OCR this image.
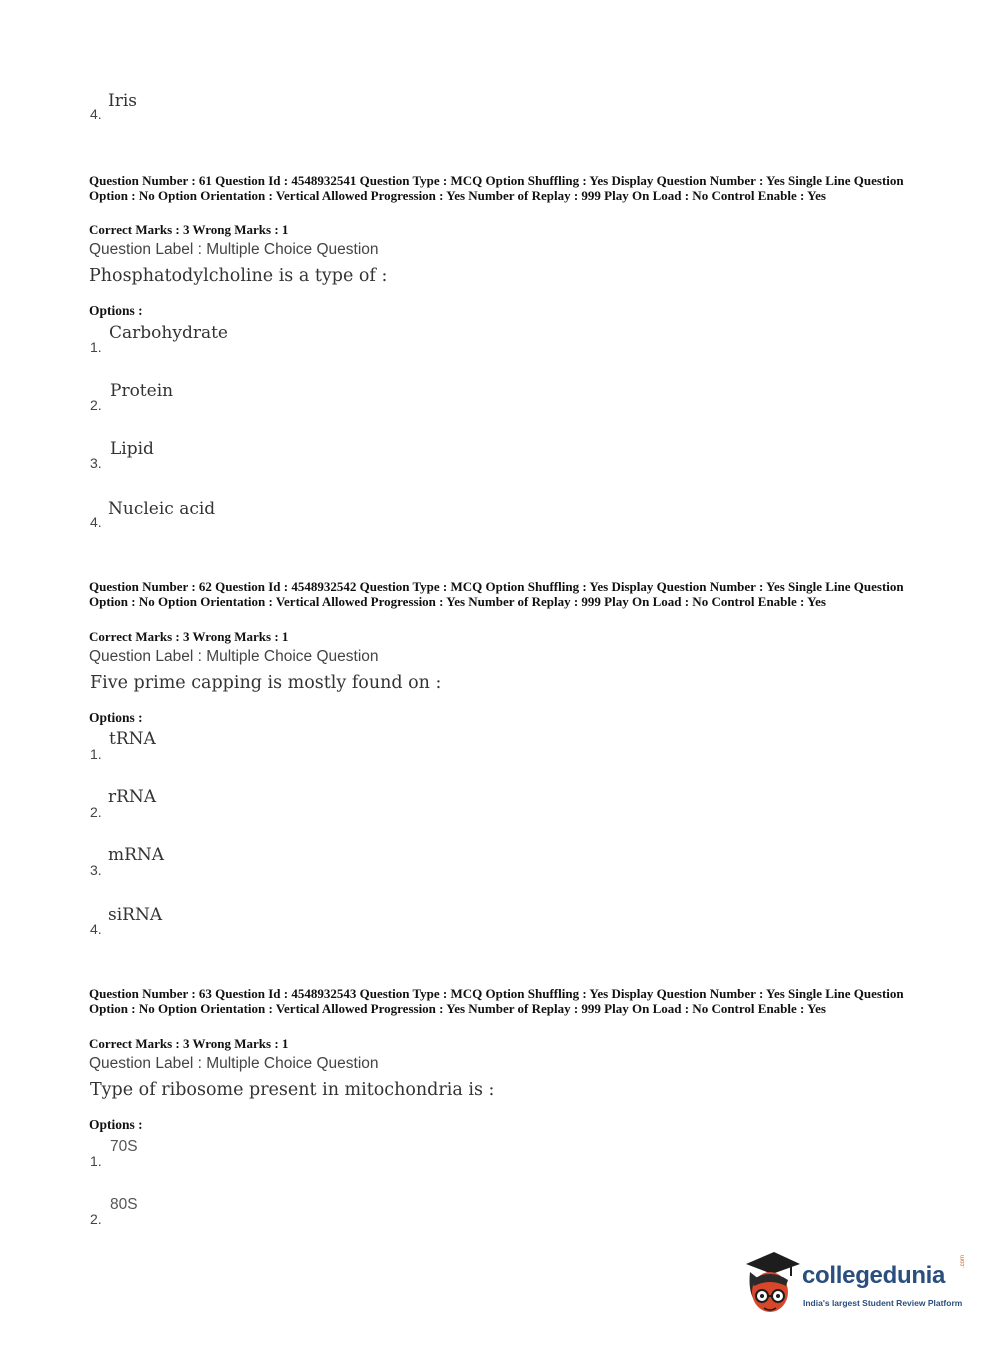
4.
Iris
Question Number : 61 Question Id : 4548932541 Question Type : MCQ Option Shuffling : Yes Display Question Number : Yes Single Line Question Option : No Option Orientation : Vertical Allowed Progression : Yes Number of Replay : 999 Play On Load : No Control Enable : Yes
Correct Marks : 3 Wrong Marks : 1
Question Label : Multiple Choice Question
Phosphatodylcholine is a type of :
Options :
1.
Carbohydrate
2.
Protein
3.
Lipid
4.
Nucleic acid
Question Number : 62 Question Id : 4548932542 Question Type : MCQ Option Shuffling : Yes Display Question Number : Yes Single Line Question Option : No Option Orientation : Vertical Allowed Progression : Yes Number of Replay : 999 Play On Load : No Control Enable : Yes
Correct Marks : 3 Wrong Marks : 1
Question Label : Multiple Choice Question
Five prime capping is mostly found on :
Options :
1.
tRNA
2.
rRNA
3.
mRNA
4.
siRNA
Question Number : 63 Question Id : 4548932543 Question Type : MCQ Option Shuffling : Yes Display Question Number : Yes Single Line Question Option : No Option Orientation : Vertical Allowed Progression : Yes Number of Replay : 999 Play On Load : No Control Enable : Yes
Correct Marks : 3 Wrong Marks : 1
Question Label : Multiple Choice Question
Type of ribosome present in mitochondria is :
Options :
1.
70S
2.
80S
collegedunia
.com
India's largest Student Review Platform
